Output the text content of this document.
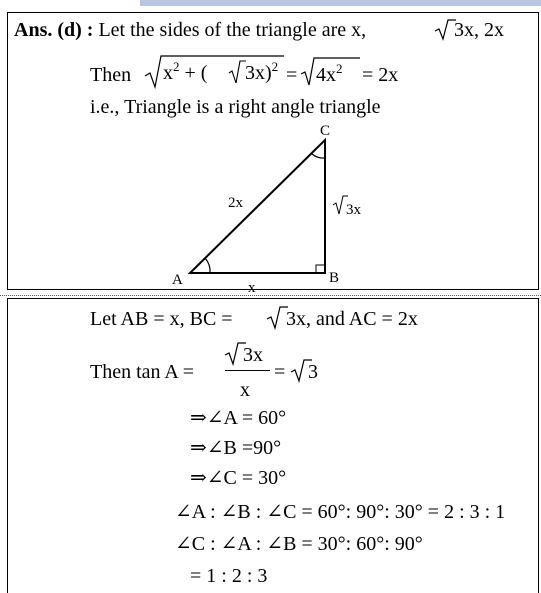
Ans. (d) : Let the sides of the triangle are x,	3x, 2x
Then $x^2$ + ( $3x)^2 = 4x^2 = 2x$
i.e., Triangle is a right angle triangle
C
A	B
2x	3x
x
Let AB = x, BC =	3x, and AC = 2x
Then tan A =
3x
x
= 3
⇒∠A = 60°
⇒∠B =90°
⇒∠C = 30°
∠A : ∠B : ∠C = 60°: 90°: 30° = 2 : 3 : 1
∠C : ∠A : ∠B = 30°: 60°: 90°
= 1 : 2 : 3
